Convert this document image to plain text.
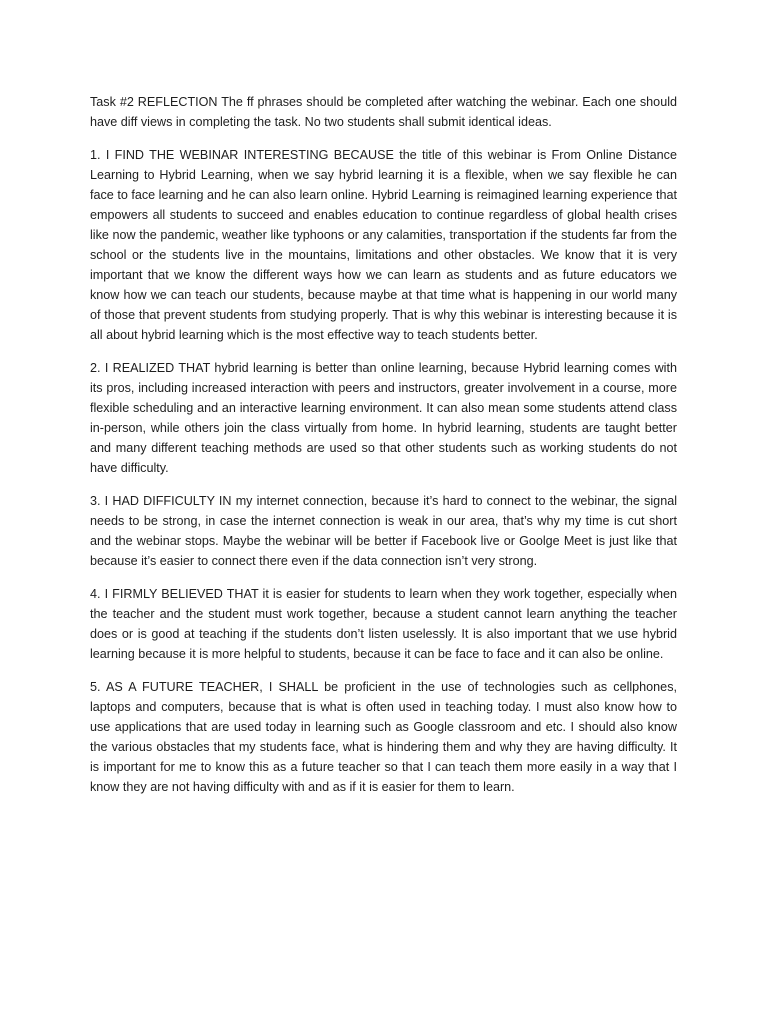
Task #2 REFLECTION The ff phrases should be completed after watching the webinar. Each one should have diff views in completing the task. No two students shall submit identical ideas.

1. I FIND THE WEBINAR INTERESTING BECAUSE the title of this webinar is From Online Distance Learning to Hybrid Learning, when we say hybrid learning it is a flexible, when we say flexible he can face to face learning and he can also learn online. Hybrid Learning is reimagined learning experience that empowers all students to succeed and enables education to continue regardless of global health crises like now the pandemic, weather like typhoons or any calamities, transportation if the students far from the school or the students live in the mountains, limitations and other obstacles. We know that it is very important that we know the different ways how we can learn as students and as future educators we know how we can teach our students, because maybe at that time what is happening in our world many of those that prevent students from studying properly. That is why this webinar is interesting because it is all about hybrid learning which is the most effective way to teach students better.

2. I REALIZED THAT hybrid learning is better than online learning, because Hybrid learning comes with its pros, including increased interaction with peers and instructors, greater involvement in a course, more flexible scheduling and an interactive learning environment. It can also mean some students attend class in-person, while others join the class virtually from home. In hybrid learning, students are taught better and many different teaching methods are used so that other students such as working students do not have difficulty.

3. I HAD DIFFICULTY IN my internet connection, because it’s hard to connect to the webinar, the signal needs to be strong, in case the internet connection is weak in our area, that’s why my time is cut short and the webinar stops. Maybe the webinar will be better if Facebook live or Goolge Meet is just like that because it’s easier to connect there even if the data connection isn’t very strong.

4. I FIRMLY BELIEVED THAT it is easier for students to learn when they work together, especially when the teacher and the student must work together, because a student cannot learn anything the teacher does or is good at teaching if the students don’t listen uselessly. It is also important that we use hybrid learning because it is more helpful to students, because it can be face to face and it can also be online.

5. AS A FUTURE TEACHER, I SHALL be proficient in the use of technologies such as cellphones, laptops and computers, because that is what is often used in teaching today. I must also know how to use applications that are used today in learning such as Google classroom and etc. I should also know the various obstacles that my students face, what is hindering them and why they are having difficulty. It is important for me to know this as a future teacher so that I can teach them more easily in a way that I know they are not having difficulty with and as if it is easier for them to learn.
